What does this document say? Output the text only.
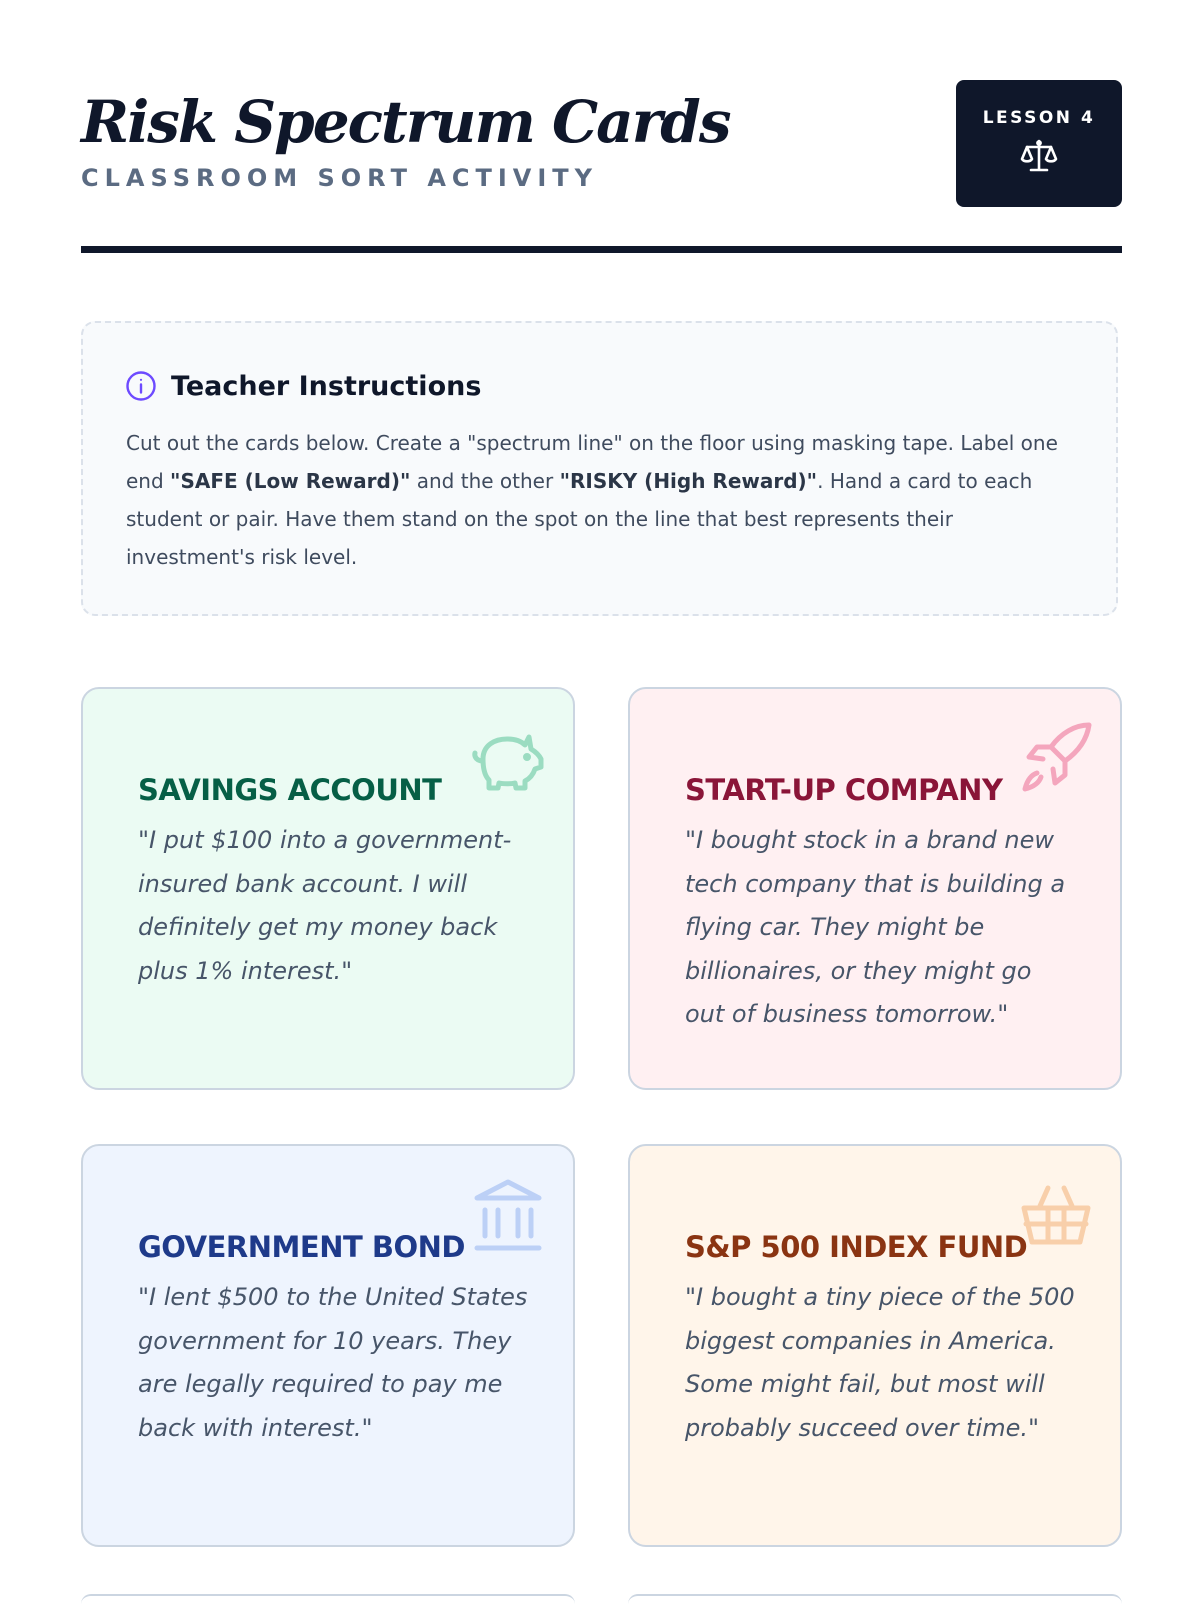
Risk Spectrum Cards
CLASSROOM SORT ACTIVITY
LESSON 4
Teacher Instructions

Cut out the cards below. Create a "spectrum line" on the floor using masking tape. Label one end "SAFE (Low Reward)" and the other "RISKY (High Reward)". Hand a card to each student or pair. Have them stand on the spot on the line that best represents their investment's risk level.

SAVINGS ACCOUNT

"I put $100 into a government-insured bank account. I will definitely get my money back plus 1% interest."

START-UP COMPANY

"I bought stock in a brand new tech company that is building a flying car. They might be billionaires, or they might go out of business tomorrow."

GOVERNMENT BOND

"I lent $500 to the United States government for 10 years. They are legally required to pay me back with interest."

S&P 500 INDEX FUND

"I bought a tiny piece of the 500 biggest companies in America. Some might fail, but most will probably succeed over time."
